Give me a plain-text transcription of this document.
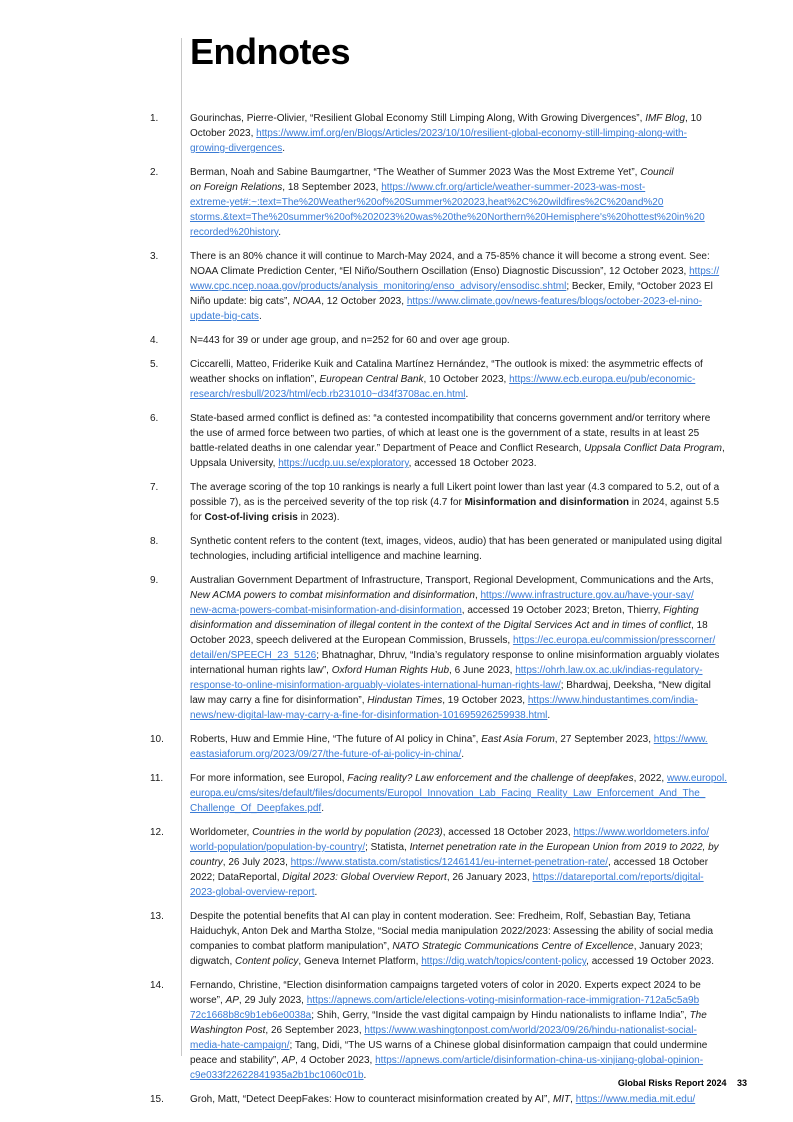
Endnotes
1.	Gourinchas, Pierre-Olivier, “Resilient Global Economy Still Limping Along, With Growing Divergences”, IMF Blog, 10
October 2023, https://www.imf.org/en/Blogs/Articles/2023/10/10/resilient-global-economy-still-limping-along-with-
growing-divergences.
2.	Berman, Noah and Sabine Baumgartner, “The Weather of Summer 2023 Was the Most Extreme Yet”, Council
on Foreign Relations, 18 September 2023, https://www.cfr.org/article/weather-summer-2023-was-most-
extreme-yet#:~:text=The%20Weather%20of%20Summer%202023,heat%2C%20wildfires%2C%20and%20
storms.&text=The%20summer%20of%202023%20was%20the%20Northern%20Hemisphere's%20hottest%20in%20
recorded%20history.
3.	There is an 80% chance it will continue to March-May 2024, and a 75-85% chance it will become a strong event. See:
NOAA Climate Prediction Center, “El Niño/Southern Oscillation (Enso) Diagnostic Discussion”, 12 October 2023, https://
www.cpc.ncep.noaa.gov/products/analysis_monitoring/enso_advisory/ensodisc.shtml; Becker, Emily, “October 2023 El
Niño update: big cats”, NOAA, 12 October 2023, https://www.climate.gov/news-features/blogs/october-2023-el-nino-
update-big-cats.
4.	N=443 for 39 or under age group, and n=252 for 60 and over age group.
5.	Ciccarelli, Matteo, Friderike Kuik and Catalina Martínez Hernández, “The outlook is mixed: the asymmetric effects of
weather shocks on inflation”, European Central Bank, 10 October 2023, https://www.ecb.europa.eu/pub/economic-
research/resbull/2023/html/ecb.rb231010~d34f3708ac.en.html.
6.	State-based armed conflict is defined as: “a contested incompatibility that concerns government and/or territory where
the use of armed force between two parties, of which at least one is the government of a state, results in at least 25
battle-related deaths in one calendar year.” Department of Peace and Conflict Research, Uppsala Conflict Data Program,
Uppsala University, https://ucdp.uu.se/exploratory, accessed 18 October 2023.
7.	The average scoring of the top 10 rankings is nearly a full Likert point lower than last year (4.3 compared to 5.2, out of a
possible 7), as is the perceived severity of the top risk (4.7 for Misinformation and disinformation in 2024, against 5.5
for Cost-of-living crisis in 2023).
8.	Synthetic content refers to the content (text, images, videos, audio) that has been generated or manipulated using digital
technologies, including artificial intelligence and machine learning.
9.	Australian Government Department of Infrastructure, Transport, Regional Development, Communications and the Arts,
New ACMA powers to combat misinformation and disinformation, https://www.infrastructure.gov.au/have-your-say/
new-acma-powers-combat-misinformation-and-disinformation, accessed 19 October 2023; Breton, Thierry, Fighting
disinformation and dissemination of illegal content in the context of the Digital Services Act and in times of conflict, 18
October 2023, speech delivered at the European Commission, Brussels, https://ec.europa.eu/commission/presscorner/
detail/en/SPEECH_23_5126; Bhatnaghar, Dhruv, “India’s regulatory response to online misinformation arguably violates
international human rights law”, Oxford Human Rights Hub, 6 June 2023, https://ohrh.law.ox.ac.uk/indias-regulatory-
response-to-online-misinformation-arguably-violates-international-human-rights-law/; Bhardwaj, Deeksha, “New digital
law may carry a fine for disinformation”, Hindustan Times, 19 October 2023, https://www.hindustantimes.com/india-
news/new-digital-law-may-carry-a-fine-for-disinformation-101695926259938.html.
10.	Roberts, Huw and Emmie Hine, “The future of AI policy in China”, East Asia Forum, 27 September 2023, https://www.
eastasiaforum.org/2023/09/27/the-future-of-ai-policy-in-china/.
11.	For more information, see Europol, Facing reality? Law enforcement and the challenge of deepfakes, 2022, www.europol.
europa.eu/cms/sites/default/files/documents/Europol_Innovation_Lab_Facing_Reality_Law_Enforcement_And_The_
Challenge_Of_Deepfakes.pdf.
12.	Worldometer, Countries in the world by population (2023), accessed 18 October 2023, https://www.worldometers.info/
world-population/population-by-country/; Statista, Internet penetration rate in the European Union from 2019 to 2022, by
country, 26 July 2023, https://www.statista.com/statistics/1246141/eu-internet-penetration-rate/, accessed 18 October
2022; DataReportal, Digital 2023: Global Overview Report, 26 January 2023, https://datareportal.com/reports/digital-
2023-global-overview-report.
13.	Despite the potential benefits that AI can play in content moderation. See: Fredheim, Rolf, Sebastian Bay, Tetiana
Haiduchyk, Anton Dek and Martha Stolze, “Social media manipulation 2022/2023: Assessing the ability of social media
companies to combat platform manipulation”, NATO Strategic Communications Centre of Excellence, January 2023;
digwatch, Content policy, Geneva Internet Platform, https://dig.watch/topics/content-policy, accessed 19 October 2023.
14.	Fernando, Christine, “Election disinformation campaigns targeted voters of color in 2020. Experts expect 2024 to be
worse”, AP, 29 July 2023, https://apnews.com/article/elections-voting-misinformation-race-immigration-712a5c5a9b
72c1668b8c9b1eb6e0038a; Shih, Gerry, “Inside the vast digital campaign by Hindu nationalists to inflame India”, The
Washington Post, 26 September 2023, https://www.washingtonpost.com/world/2023/09/26/hindu-nationalist-social-
media-hate-campaign/; Tang, Didi, “The US warns of a Chinese global disinformation campaign that could undermine
peace and stability”, AP, 4 October 2023, https://apnews.com/article/disinformation-china-us-xinjiang-global-opinion-
c9e033f22622841935a2b1bc1060c01b.
15.	Groh, Matt, “Detect DeepFakes: How to counteract misinformation created by AI”, MIT, https://www.media.mit.edu/
Global Risks Report 2024 33
